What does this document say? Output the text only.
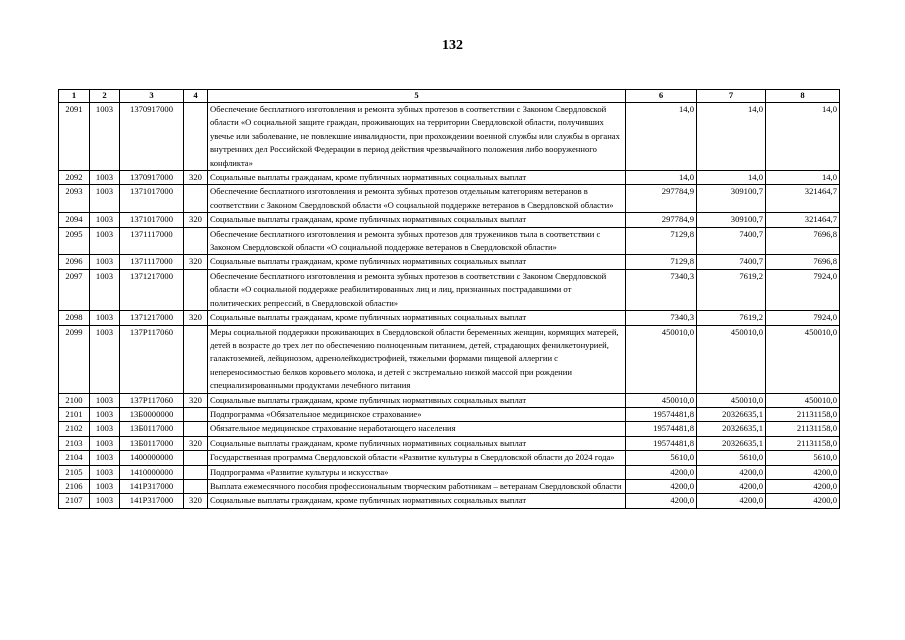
132
1	2	3	4	5	6	7	8
2091	1003	1370917000		Обеспечение бесплатного изготовления и ремонта зубных протезов в соответствии с Законом Свердловской области «О социальной защите граждан, проживающих на территории Свердловской области, получивших увечье или заболевание, не повлекшие инвалидности, при прохождении военной службы или службы в органах внутренних дел Российской Федерации в период действия чрезвычайного положения либо вооруженного конфликта»	14,0	14,0	14,0
2092	1003	1370917000	320	Социальные выплаты гражданам, кроме публичных нормативных социальных выплат	14,0	14,0	14,0
2093	1003	1371017000		Обеспечение бесплатного изготовления и ремонта зубных протезов отдельным категориям ветеранов в соответствии с Законом Свердловской области «О социальной поддержке ветеранов в Свердловской области»	297784,9	309100,7	321464,7
2094	1003	1371017000	320	Социальные выплаты гражданам, кроме публичных нормативных социальных выплат	297784,9	309100,7	321464,7
2095	1003	1371117000		Обеспечение бесплатного изготовления и ремонта зубных протезов для тружеников тыла в соответствии с Законом Свердловской области «О социальной поддержке ветеранов в Свердловской области»	7129,8	7400,7	7696,8
2096	1003	1371117000	320	Социальные выплаты гражданам, кроме публичных нормативных социальных выплат	7129,8	7400,7	7696,8
2097	1003	1371217000		Обеспечение бесплатного изготовления и ремонта зубных протезов в соответствии с Законом Свердловской области «О социальной поддержке реабилитированных лиц и лиц, признанных пострадавшими от политических репрессий, в Свердловской области»	7340,3	7619,2	7924,0
2098	1003	1371217000	320	Социальные выплаты гражданам, кроме публичных нормативных социальных выплат	7340,3	7619,2	7924,0
2099	1003	137P117060		Меры социальной поддержки проживающих в Свердловской области беременных женщин, кормящих матерей, детей в возрасте до трех лет по обеспечению полноценным питанием, детей, страдающих фенилкетонурией, галактоземией, лейцинозом, адренолейкодистрофией, тяжелыми формами пищевой аллергии с непереносимостью белков коровьего молока, и детей с экстремально низкой массой при рождении специализированными продуктами лечебного питания	450010,0	450010,0	450010,0
2100	1003	137P117060	320	Социальные выплаты гражданам, кроме публичных нормативных социальных выплат	450010,0	450010,0	450010,0
2101	1003	13Б0000000		Подпрограмма «Обязательное медицинское страхование»	19574481,8	20326635,1	21131158,0
2102	1003	13Б0117000		Обязательное медицинское страхование неработающего населения	19574481,8	20326635,1	21131158,0
2103	1003	13Б0117000	320	Социальные выплаты гражданам, кроме публичных нормативных социальных выплат	19574481,8	20326635,1	21131158,0
2104	1003	1400000000		Государственная программа Свердловской области «Развитие культуры в Свердловской области до 2024 года»	5610,0	5610,0	5610,0
2105	1003	1410000000		Подпрограмма «Развитие культуры и искусства»	4200,0	4200,0	4200,0
2106	1003	141P317000		Выплата ежемесячного пособия профессиональным творческим работникам – ветеранам Свердловской области	4200,0	4200,0	4200,0
2107	1003	141P317000	320	Социальные выплаты гражданам, кроме публичных нормативных социальных выплат	4200,0	4200,0	4200,0
